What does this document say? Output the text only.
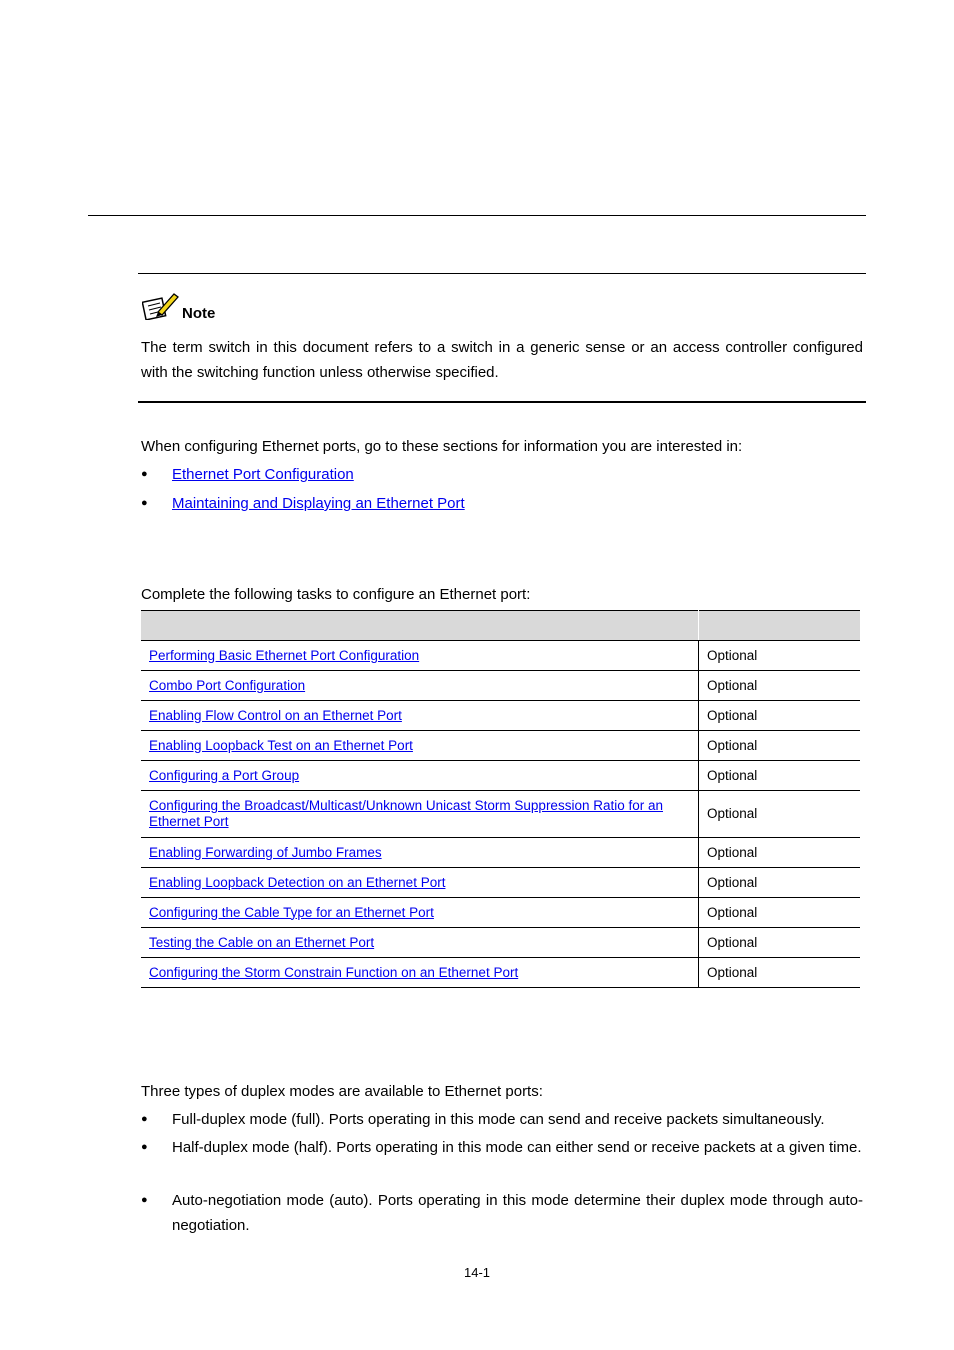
Note
The term switch in this document refers to a switch in a generic sense or an access controller configured with the switching function unless otherwise specified.
When configuring Ethernet ports, go to these sections for information you are interested in:
● Ethernet Port Configuration
● Maintaining and Displaying an Ethernet Port
Complete the following tasks to configure an Ethernet port:

Performing Basic Ethernet Port Configuration	Optional
Combo Port Configuration	Optional
Enabling Flow Control on an Ethernet Port	Optional
Enabling Loopback Test on an Ethernet Port	Optional
Configuring a Port Group	Optional
Configuring the Broadcast/Multicast/Unknown Unicast Storm Suppression Ratio for an Ethernet Port	Optional
Enabling Forwarding of Jumbo Frames	Optional
Enabling Loopback Detection on an Ethernet Port	Optional
Configuring the Cable Type for an Ethernet Port	Optional
Testing the Cable on an Ethernet Port	Optional
Configuring the Storm Constrain Function on an Ethernet Port	Optional
Three types of duplex modes are available to Ethernet ports:
● Full-duplex mode (full). Ports operating in this mode can send and receive packets simultaneously.
● Half-duplex mode (half). Ports operating in this mode can either send or receive packets at a given time.
● Auto-negotiation mode (auto). Ports operating in this mode determine their duplex mode through auto-negotiation.
14-1
